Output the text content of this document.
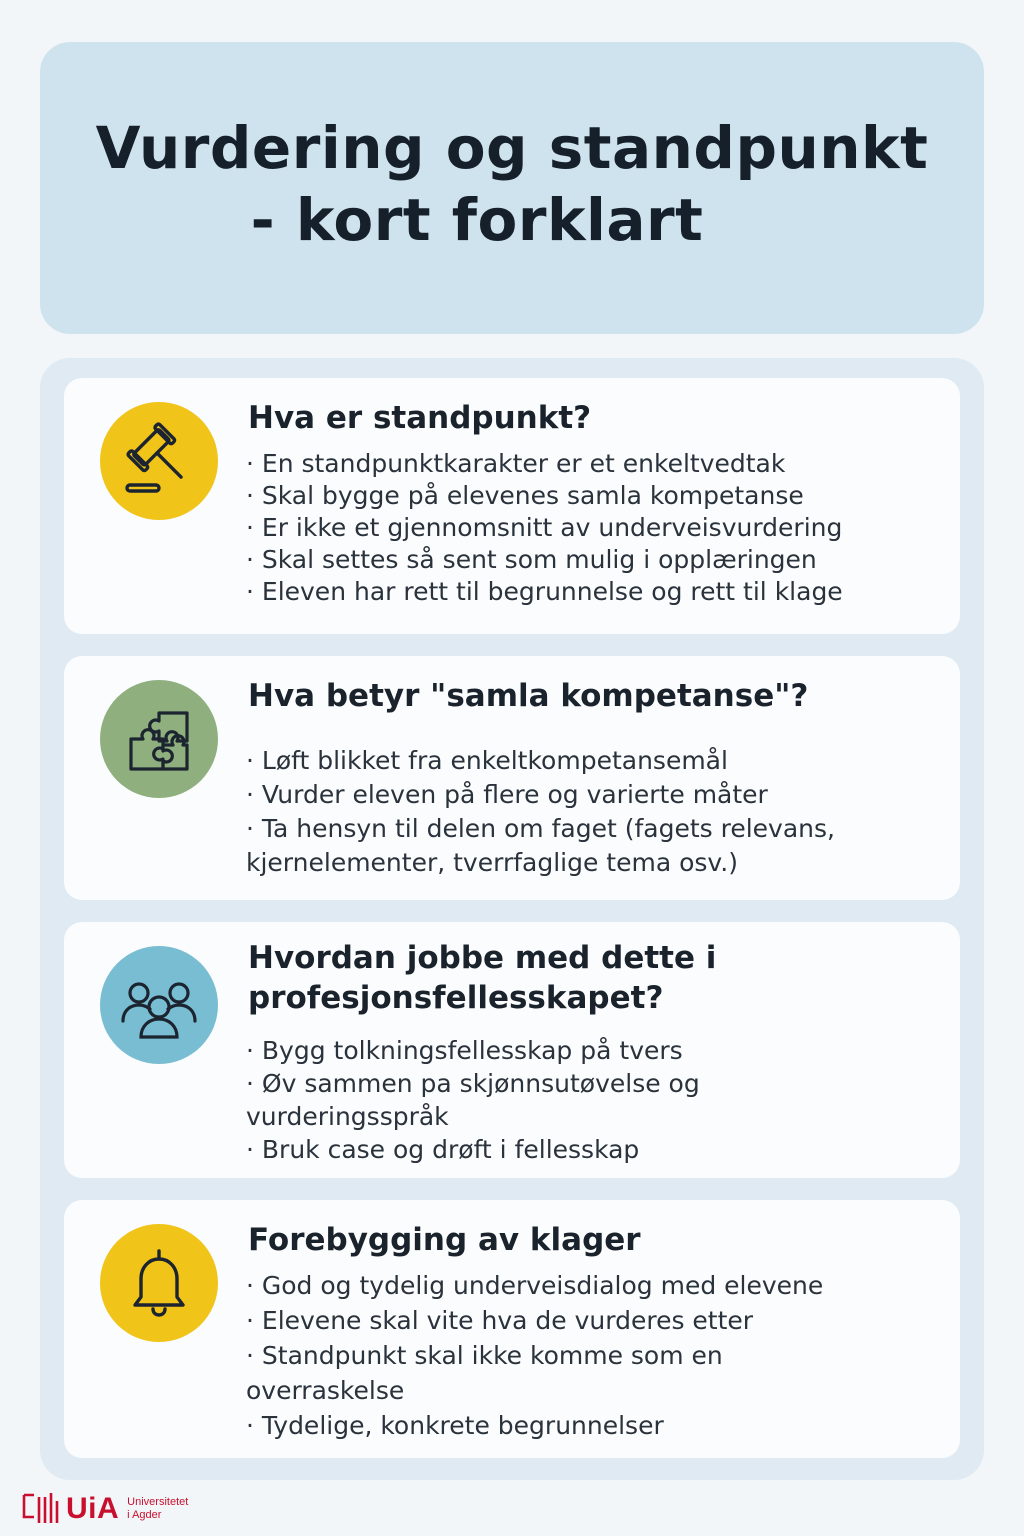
Vurdering og standpunkt
- kort forklart
Hva er standpunkt?
· En standpunktkarakter er et enkeltvedtak
· Skal bygge på elevenes samla kompetanse
· Er ikke et gjennomsnitt av underveisvurdering
· Skal settes så sent som mulig i opplæringen
· Eleven har rett til begrunnelse og rett til klage
Hva betyr "samla kompetanse"?
· Løft blikket fra enkeltkompetansemål
· Vurder eleven på flere og varierte måter
· Ta hensyn til delen om faget (fagets relevans, kjernelementer, tverrfaglige tema osv.)
Hvordan jobbe med dette i profesjonsfellesskapet?
· Bygg tolkningsfellesskap på tvers
· Øv sammen pa skjønnsutøvelse og vurderingsspråk
· Bruk case og drøft i fellesskap
Forebygging av klager
· God og tydelig underveisdialog med elevene
· Elevene skal vite hva de vurderes etter
· Standpunkt skal ikke komme som en overraskelse
· Tydelige, konkrete begrunnelser
UiA Universitetet
i Agder
